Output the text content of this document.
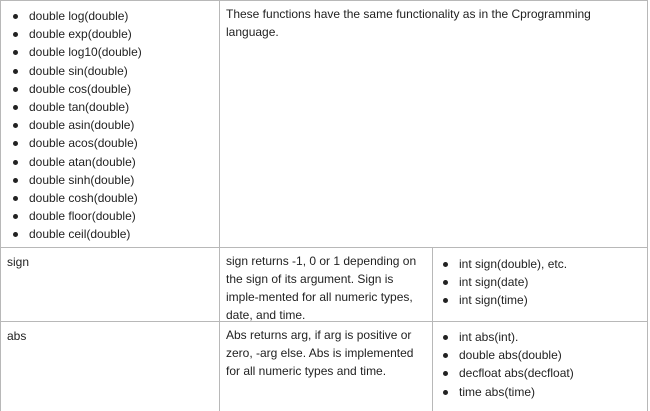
double log(double)
double exp(double)
double log10(double)
double sin(double)
double cos(double)
double tan(double)
double asin(double)
double acos(double)
double atan(double)
double sinh(double)
double cosh(double)
double floor(double)
double ceil(double)
These functions have the same functionality as in the Cprogramming language.
sign	sign returns -1, 0 or 1 depending on the sign of its argument. Sign is imple-mented for all numeric types, date, and time.
int sign(double), etc.
int sign(date)
int sign(time)
abs	Abs returns arg, if arg is positive or zero, -arg else. Abs is implemented for all numeric types and time.
int abs(int).
double abs(double)
decfloat abs(decfloat)
time abs(time)
